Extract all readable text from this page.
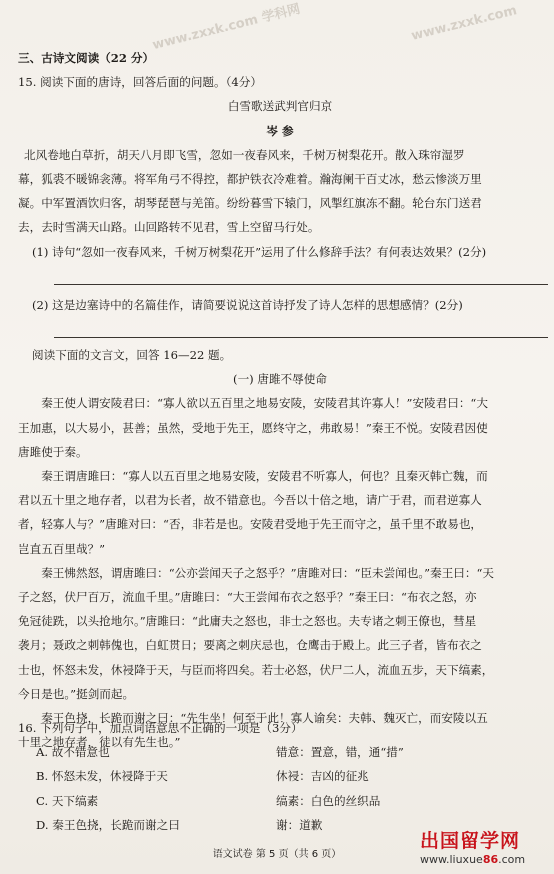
www.zxxk.com 学科网	www.zxxk.com

三、古诗文阅读（22 分）

15. 阅读下面的唐诗，回答后面的问题。（4分）

白雪歌送武判官归京

岑 参

北风卷地白草折，胡天八月即飞雪，忽如一夜春风来，千树万树梨花开。散入珠帘湿罗

幕，狐裘不暖锦衾薄。将军角弓不得控，都护铁衣冷难着。瀚海阑干百丈冰，愁云惨淡万里

凝。中军置酒饮归客，胡琴琵琶与羌笛。纷纷暮雪下辕门，风掣红旗冻不翻。轮台东门送君

去，去时雪满天山路。山回路转不见君，雪上空留马行处。

(1) 诗句“忽如一夜春风来，千树万树梨花开”运用了什么修辞手法？有何表达效果？(2分)

(2) 这是边塞诗中的名篇佳作，请简要说说这首诗抒发了诗人怎样的思想感情？(2分)

阅读下面的文言文，回答 16—22 题。

(一) 唐雎不辱使命

秦王使人谓安陵君曰：“寡人欲以五百里之地易安陵，安陵君其许寡人！”安陵君曰：“大

王加惠，以大易小，甚善；虽然，受地于先王，愿终守之，弗敢易！”秦王不悦。安陵君因使

唐雎使于秦。

秦王谓唐雎曰：“寡人以五百里之地易安陵，安陵君不听寡人，何也？且秦灭韩亡魏，而

君以五十里之地存者，以君为长者，故不错意也。今吾以十倍之地，请广于君，而君逆寡人

者，轻寡人与？”唐雎对曰：“否，非若是也。安陵君受地于先王而守之，虽千里不敢易也，

岂直五百里哉？”

秦王怫然怒，谓唐雎曰：“公亦尝闻天子之怒乎？”唐雎对曰：“臣未尝闻也。”秦王曰：“天

子之怒，伏尸百万，流血千里。”唐雎曰：“大王尝闻布衣之怒乎？”秦王曰：“布衣之怒，亦

免冠徒跣，以头抢地尔。”唐雎曰：“此庸夫之怒也，非士之怒也。夫专诸之刺王僚也，彗星

袭月；聂政之刺韩傀也，白虹贯日；要离之刺庆忌也，仓鹰击于殿上。此三子者，皆布衣之

士也，怀怒未发，休祲降于天，与臣而将四矣。若士必怒，伏尸二人，流血五步，天下缟素，

今日是也。”挺剑而起。

秦王色挠，长跪而谢之曰：“先生坐！何至于此！寡人谕矣：夫韩、魏灭亡，而安陵以五

十里之地存者，徒以有先生也。”

16. 下列句子中，加点词语意思不正确的一项是（3分）

A. 故不错意也	错意：置意，错，通“措”
B. 怀怒未发，休祲降于天	休祲：吉凶的征兆
C. 天下缟素	缟素：白色的丝织品
D. 秦王色挠，长跪而谢之曰	谢：道歉
语文试卷 第 5 页（共 6 页）
出国留学网
www.liuxue86.com
